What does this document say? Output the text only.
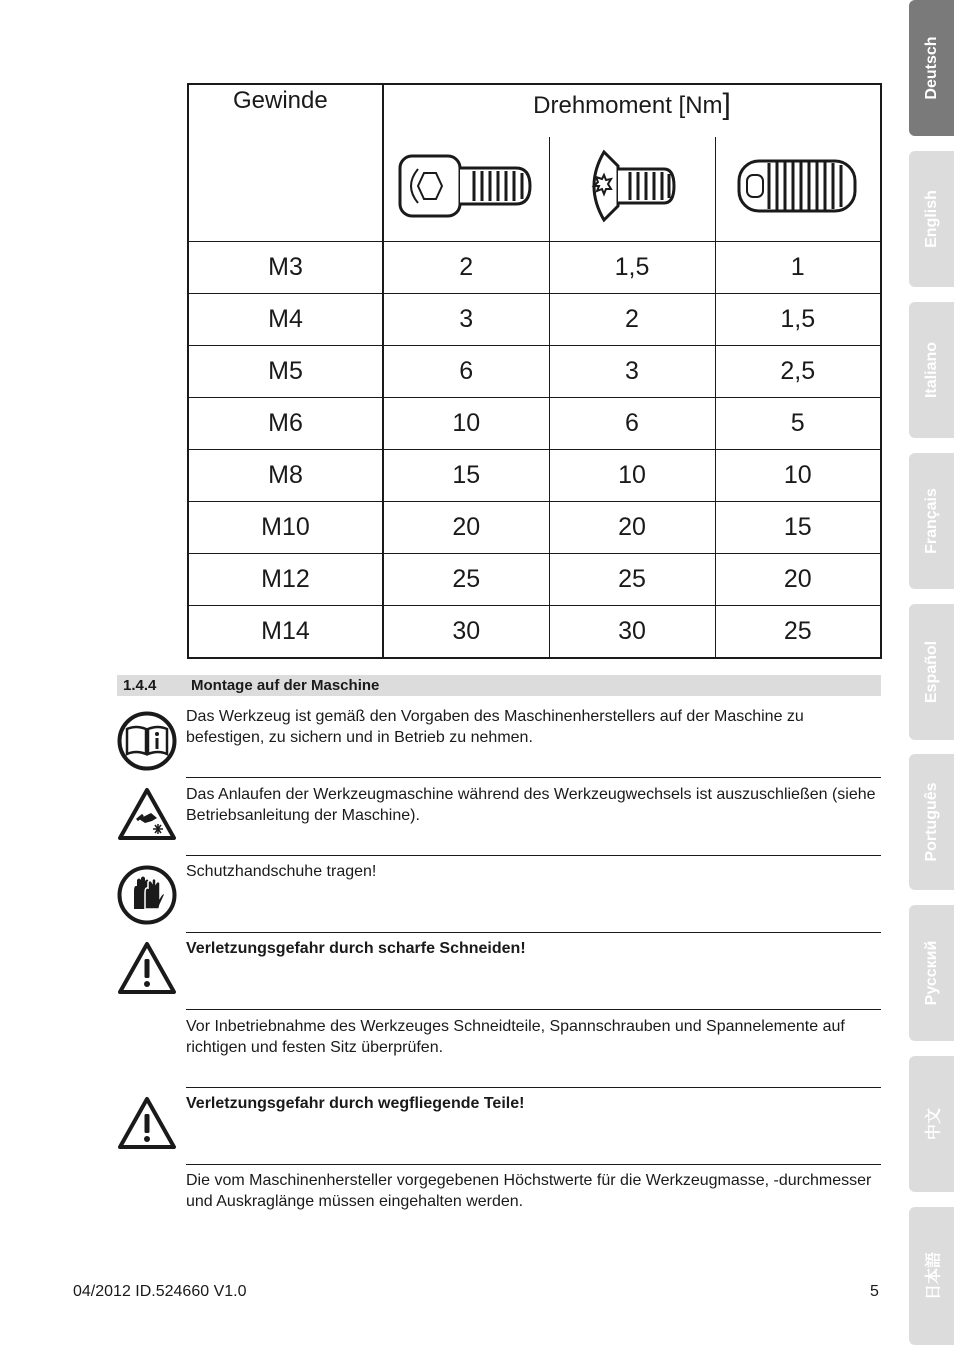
Gewinde	Drehmoment [Nm]		

M3	2	1,5	1
M4	3	2	1,5
M5	6	3	2,5
M6	10	6	5
M8	15	10	10
M10	20	20	15
M12	25	25	20
M14	30	30	25
1.4.4 Montage auf der Maschine
Das Werkzeug ist gemäß den Vorgaben des Maschinenherstellers auf der Maschine zu befestigen, zu sichern und in Betrieb zu nehmen.
Das Anlaufen der Werkzeugmaschine während des Werkzeugwechsels ist auszuschließen (siehe Betriebsanleitung der Maschine).
Schutzhandschuhe tragen!
Verletzungsgefahr durch scharfe Schneiden!
Vor Inbetriebnahme des Werkzeuges Schneidteile, Spannschrauben und Spannelemente auf richtigen und festen Sitz überprüfen.
Verletzungsgefahr durch wegfliegende Teile!
Die vom Maschinenhersteller vorgegebenen Höchstwerte für die Werkzeugmasse, -durchmesser und Auskraglänge müssen eingehalten werden.
04/2012 ID.524660 V1.0	5
Deutsch
English
Italiano
Français
Español
Português
Русский
中文
日本語
